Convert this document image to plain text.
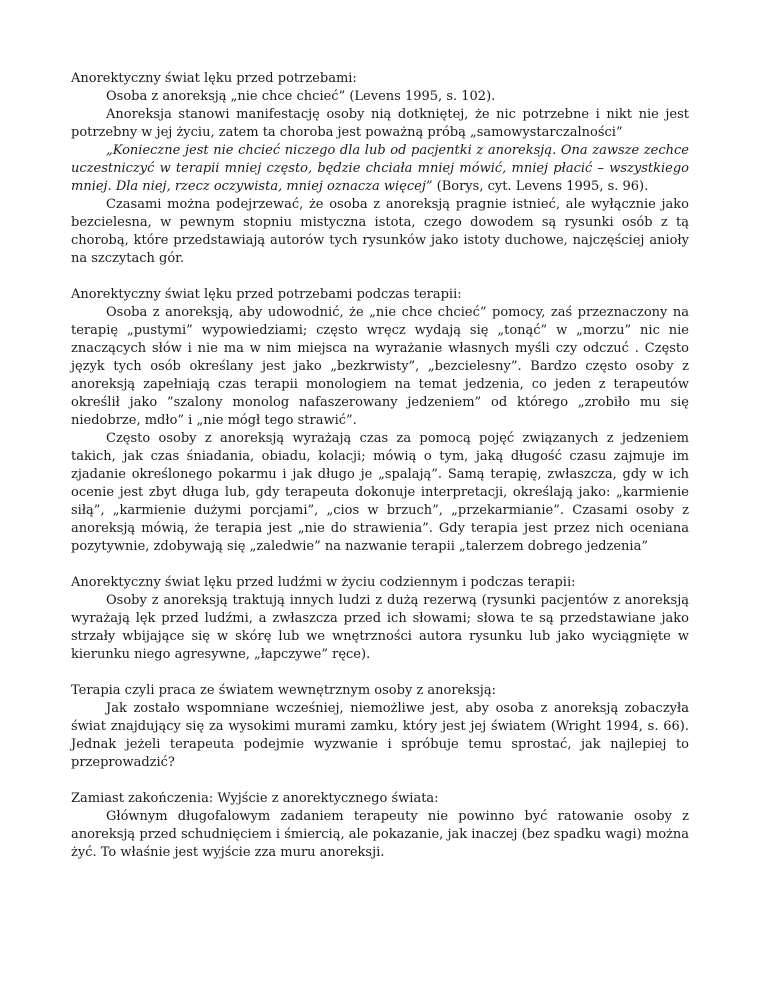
Anorektyczny świat lęku przed potrzebami:

Osoba z anoreksją „nie chce chcieć” (Levens 1995, s. 102).

Anoreksja stanowi manifestację osoby nią dotkniętej, że nic potrzebne i nikt nie jest potrzebny w jej życiu, zatem ta choroba jest poważną próbą „samowystarczalności”

„Konieczne jest nie chcieć niczego dla lub od pacjentki z anoreksją. Ona zawsze zechce uczestniczyć w terapii mniej często, będzie chciała mniej mówić, mniej płacić – wszystkiego mniej. Dla niej, rzecz oczywista, mniej oznacza więcej” (Borys, cyt. Levens 1995, s. 96).

Czasami można podejrzewać, że osoba z anoreksją pragnie istnieć, ale wyłącznie jako bezcielesna, w pewnym stopniu mistyczna istota, czego dowodem są rysunki osób z tą chorobą, które przedstawiają autorów tych rysunków jako istoty duchowe, najczęściej anioły na szczytach gór.

Anorektyczny świat lęku przed potrzebami podczas terapii:

Osoba z anoreksją, aby udowodnić, że „nie chce chcieć” pomocy, zaś przeznaczony na terapię „pustymi” wypowiedziami; często wręcz wydają się „tonąć” w „morzu” nic nie znaczących słów i nie ma w nim miejsca na wyrażanie własnych myśli czy odczuć . Często język tych osób określany jest jako „bezkrwisty”, „bezcielesny”. Bardzo często osoby z anoreksją zapełniają czas terapii monologiem na temat jedzenia, co jeden z terapeutów określił jako ”szalony monolog nafaszerowany jedzeniem” od którego „zrobiło mu się niedobrze, mdło” i „nie mógł tego strawić”.

Często osoby z anoreksją wyrażają czas za pomocą pojęć związanych z jedzeniem takich, jak czas śniadania, obiadu, kolacji; mówią o tym, jaką długość czasu zajmuje im zjadanie określonego pokarmu i jak długo je „spalają”. Samą terapię, zwłaszcza, gdy w ich ocenie jest zbyt długa lub, gdy terapeuta dokonuje interpretacji, określają jako: „karmienie siłą”, „karmienie dużymi porcjami”, „cios w brzuch”, „przekarmianie”. Czasami osoby z anoreksją mówią, że terapia jest „nie do strawienia”. Gdy terapia jest przez nich oceniana pozytywnie, zdobywają się „zaledwie” na nazwanie terapii „talerzem dobrego jedzenia”

Anorektyczny świat lęku przed ludźmi w życiu codziennym i podczas terapii:

Osoby z anoreksją traktują innych ludzi z dużą rezerwą (rysunki pacjentów z anoreksją wyrażają lęk przed ludźmi, a zwłaszcza przed ich słowami; słowa te są przedstawiane jako strzały wbijające się w skórę lub we wnętrzności autora rysunku lub jako wyciągnięte w kierunku niego agresywne, „łapczywe” ręce).

Terapia czyli praca ze światem wewnętrznym osoby z anoreksją:

Jak zostało wspomniane wcześniej, niemożliwe jest, aby osoba z anoreksją zobaczyła świat znajdujący się za wysokimi murami zamku, który jest jej światem (Wright 1994, s. 66). Jednak jeżeli terapeuta podejmie wyzwanie i spróbuje temu sprostać, jak najlepiej to przeprowadzić?

Zamiast zakończenia: Wyjście z anorektycznego świata:

Głównym długofalowym zadaniem terapeuty nie powinno być ratowanie osoby z anoreksją przed schudnięciem i śmiercią, ale pokazanie, jak inaczej (bez spadku wagi) można żyć. To właśnie jest wyjście zza muru anoreksji.
